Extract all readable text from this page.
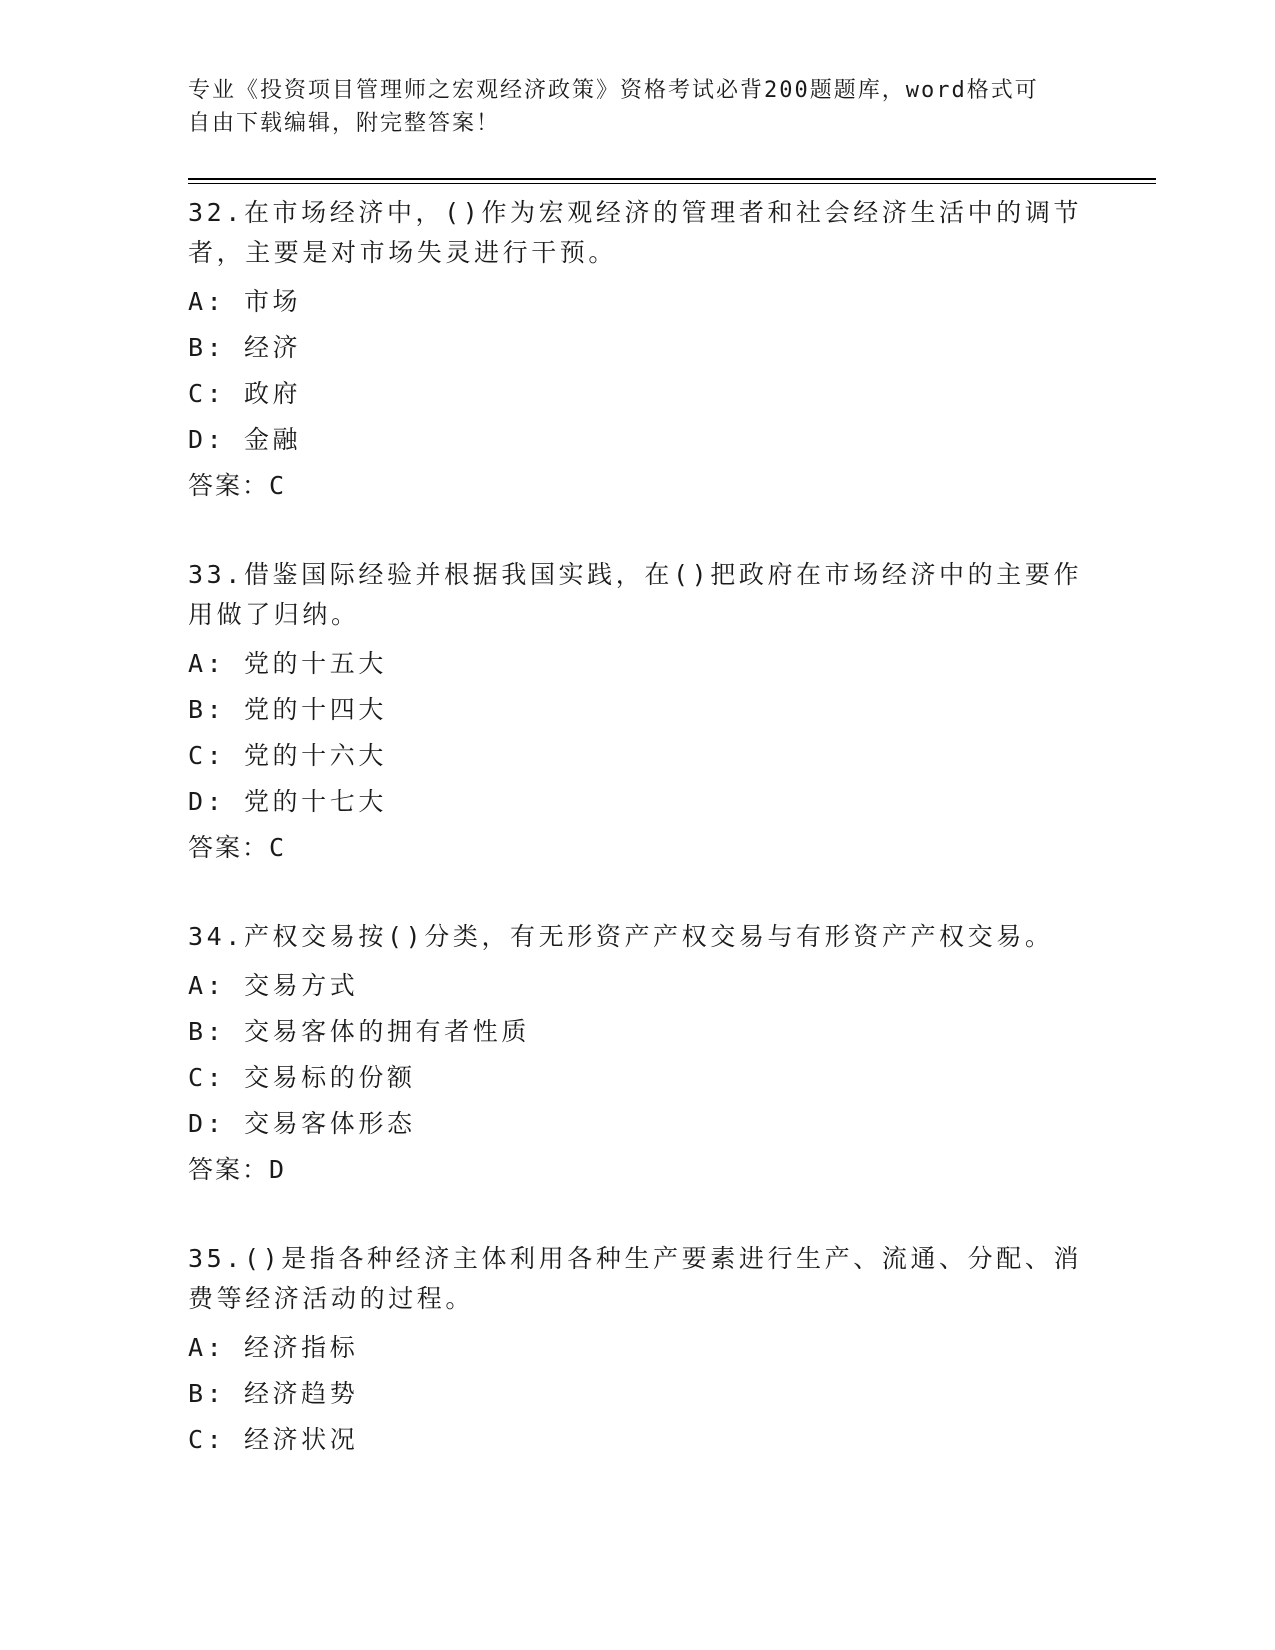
专业《投资项目管理师之宏观经济政策》资格考试必背200题题库，word格式可
自由下载编辑，附完整答案！
32.在市场经济中，()作为宏观经济的管理者和社会经济生活中的调节
者，主要是对市场失灵进行干预。
A: 市场
B: 经济
C: 政府
D: 金融
答案：C
33.借鉴国际经验并根据我国实践，在()把政府在市场经济中的主要作
用做了归纳。
A: 党的十五大
B: 党的十四大
C: 党的十六大
D: 党的十七大
答案：C
34.产权交易按()分类，有无形资产产权交易与有形资产产权交易。
A: 交易方式
B: 交易客体的拥有者性质
C: 交易标的份额
D: 交易客体形态
答案：D
35.()是指各种经济主体利用各种生产要素进行生产、流通、分配、消
费等经济活动的过程。
A: 经济指标
B: 经济趋势
C: 经济状况
